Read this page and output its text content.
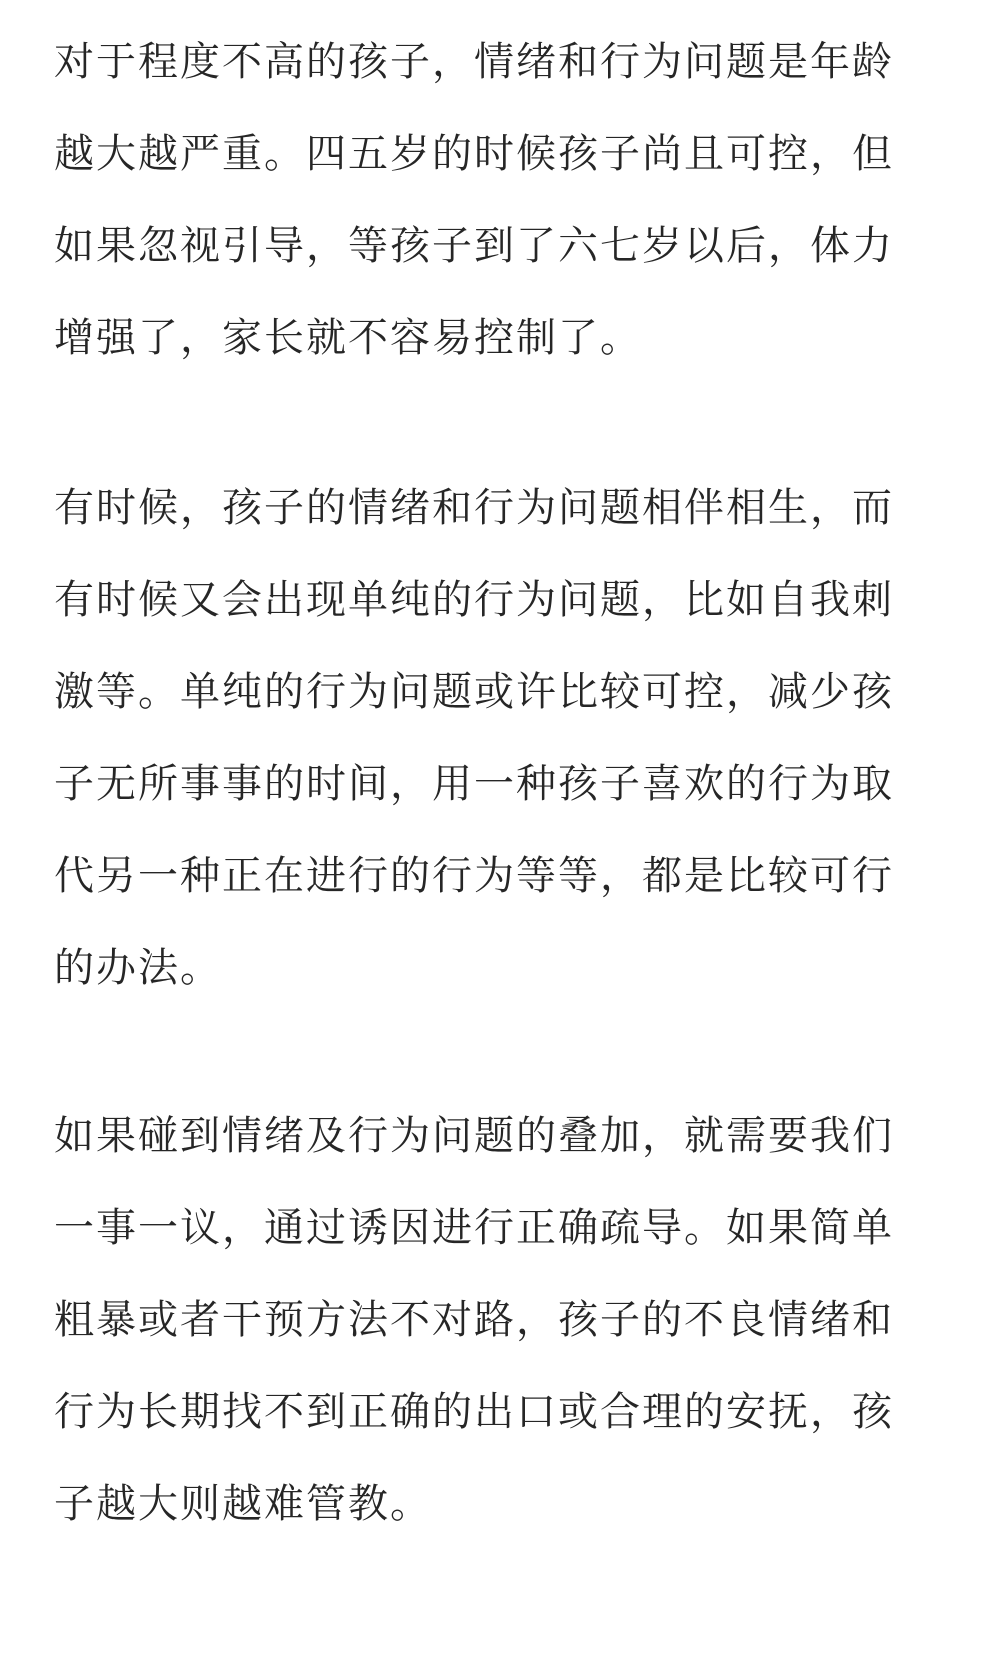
对于程度不高的孩子，情绪和行为问题是年龄
越大越严重。四五岁的时候孩子尚且可控，但
如果忽视引导，等孩子到了六七岁以后，体力
增强了，家长就不容易控制了。

有时候，孩子的情绪和行为问题相伴相生，而
有时候又会出现单纯的行为问题，比如自我刺
激等。单纯的行为问题或许比较可控，减少孩
子无所事事的时间，用一种孩子喜欢的行为取
代另一种正在进行的行为等等，都是比较可行
的办法。

如果碰到情绪及行为问题的叠加，就需要我们
一事一议，通过诱因进行正确疏导。如果简单
粗暴或者干预方法不对路，孩子的不良情绪和
行为长期找不到正确的出口或合理的安抚，孩
子越大则越难管教。
